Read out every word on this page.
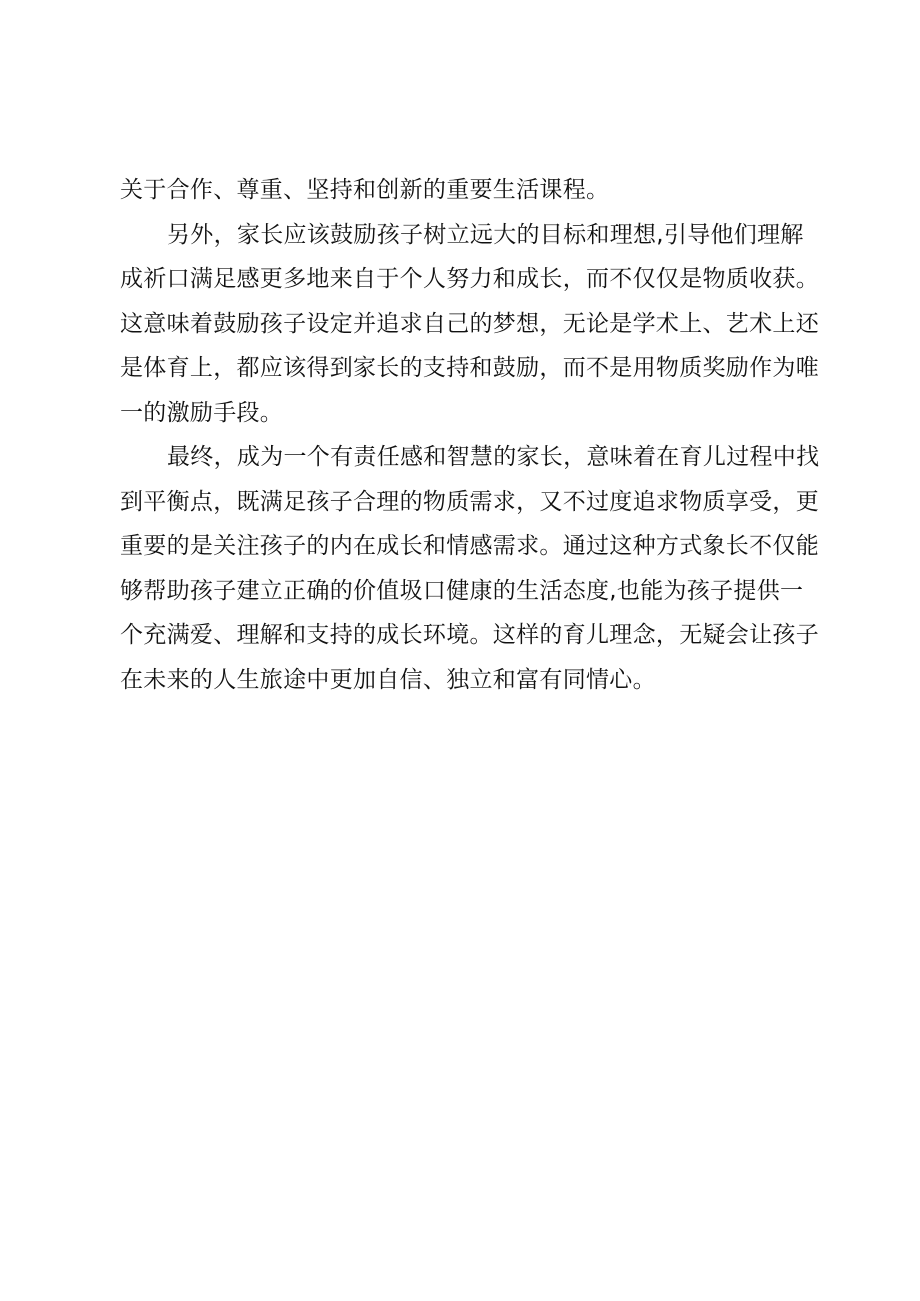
关于合作、尊重、坚持和创新的重要生活课程。
另外，家长应该鼓励孩子树立远大的目标和理想,引导他们理解
成祈口满足感更多地来自于个人努力和成长，而不仅仅是物质收获。
这意味着鼓励孩子设定并追求自己的梦想，无论是学术上、艺术上还
是体育上，都应该得到家长的支持和鼓励，而不是用物质奖励作为唯
一的激励手段。
最终，成为一个有责任感和智慧的家长，意味着在育儿过程中找
到平衡点，既满足孩子合理的物质需求，又不过度追求物质享受，更
重要的是关注孩子的内在成长和情感需求。通过这种方式象长不仅能
够帮助孩子建立正确的价值圾口健康的生活态度,也能为孩子提供一
个充满爱、理解和支持的成长环境。这样的育儿理念，无疑会让孩子
在未来的人生旅途中更加自信、独立和富有同情心。
